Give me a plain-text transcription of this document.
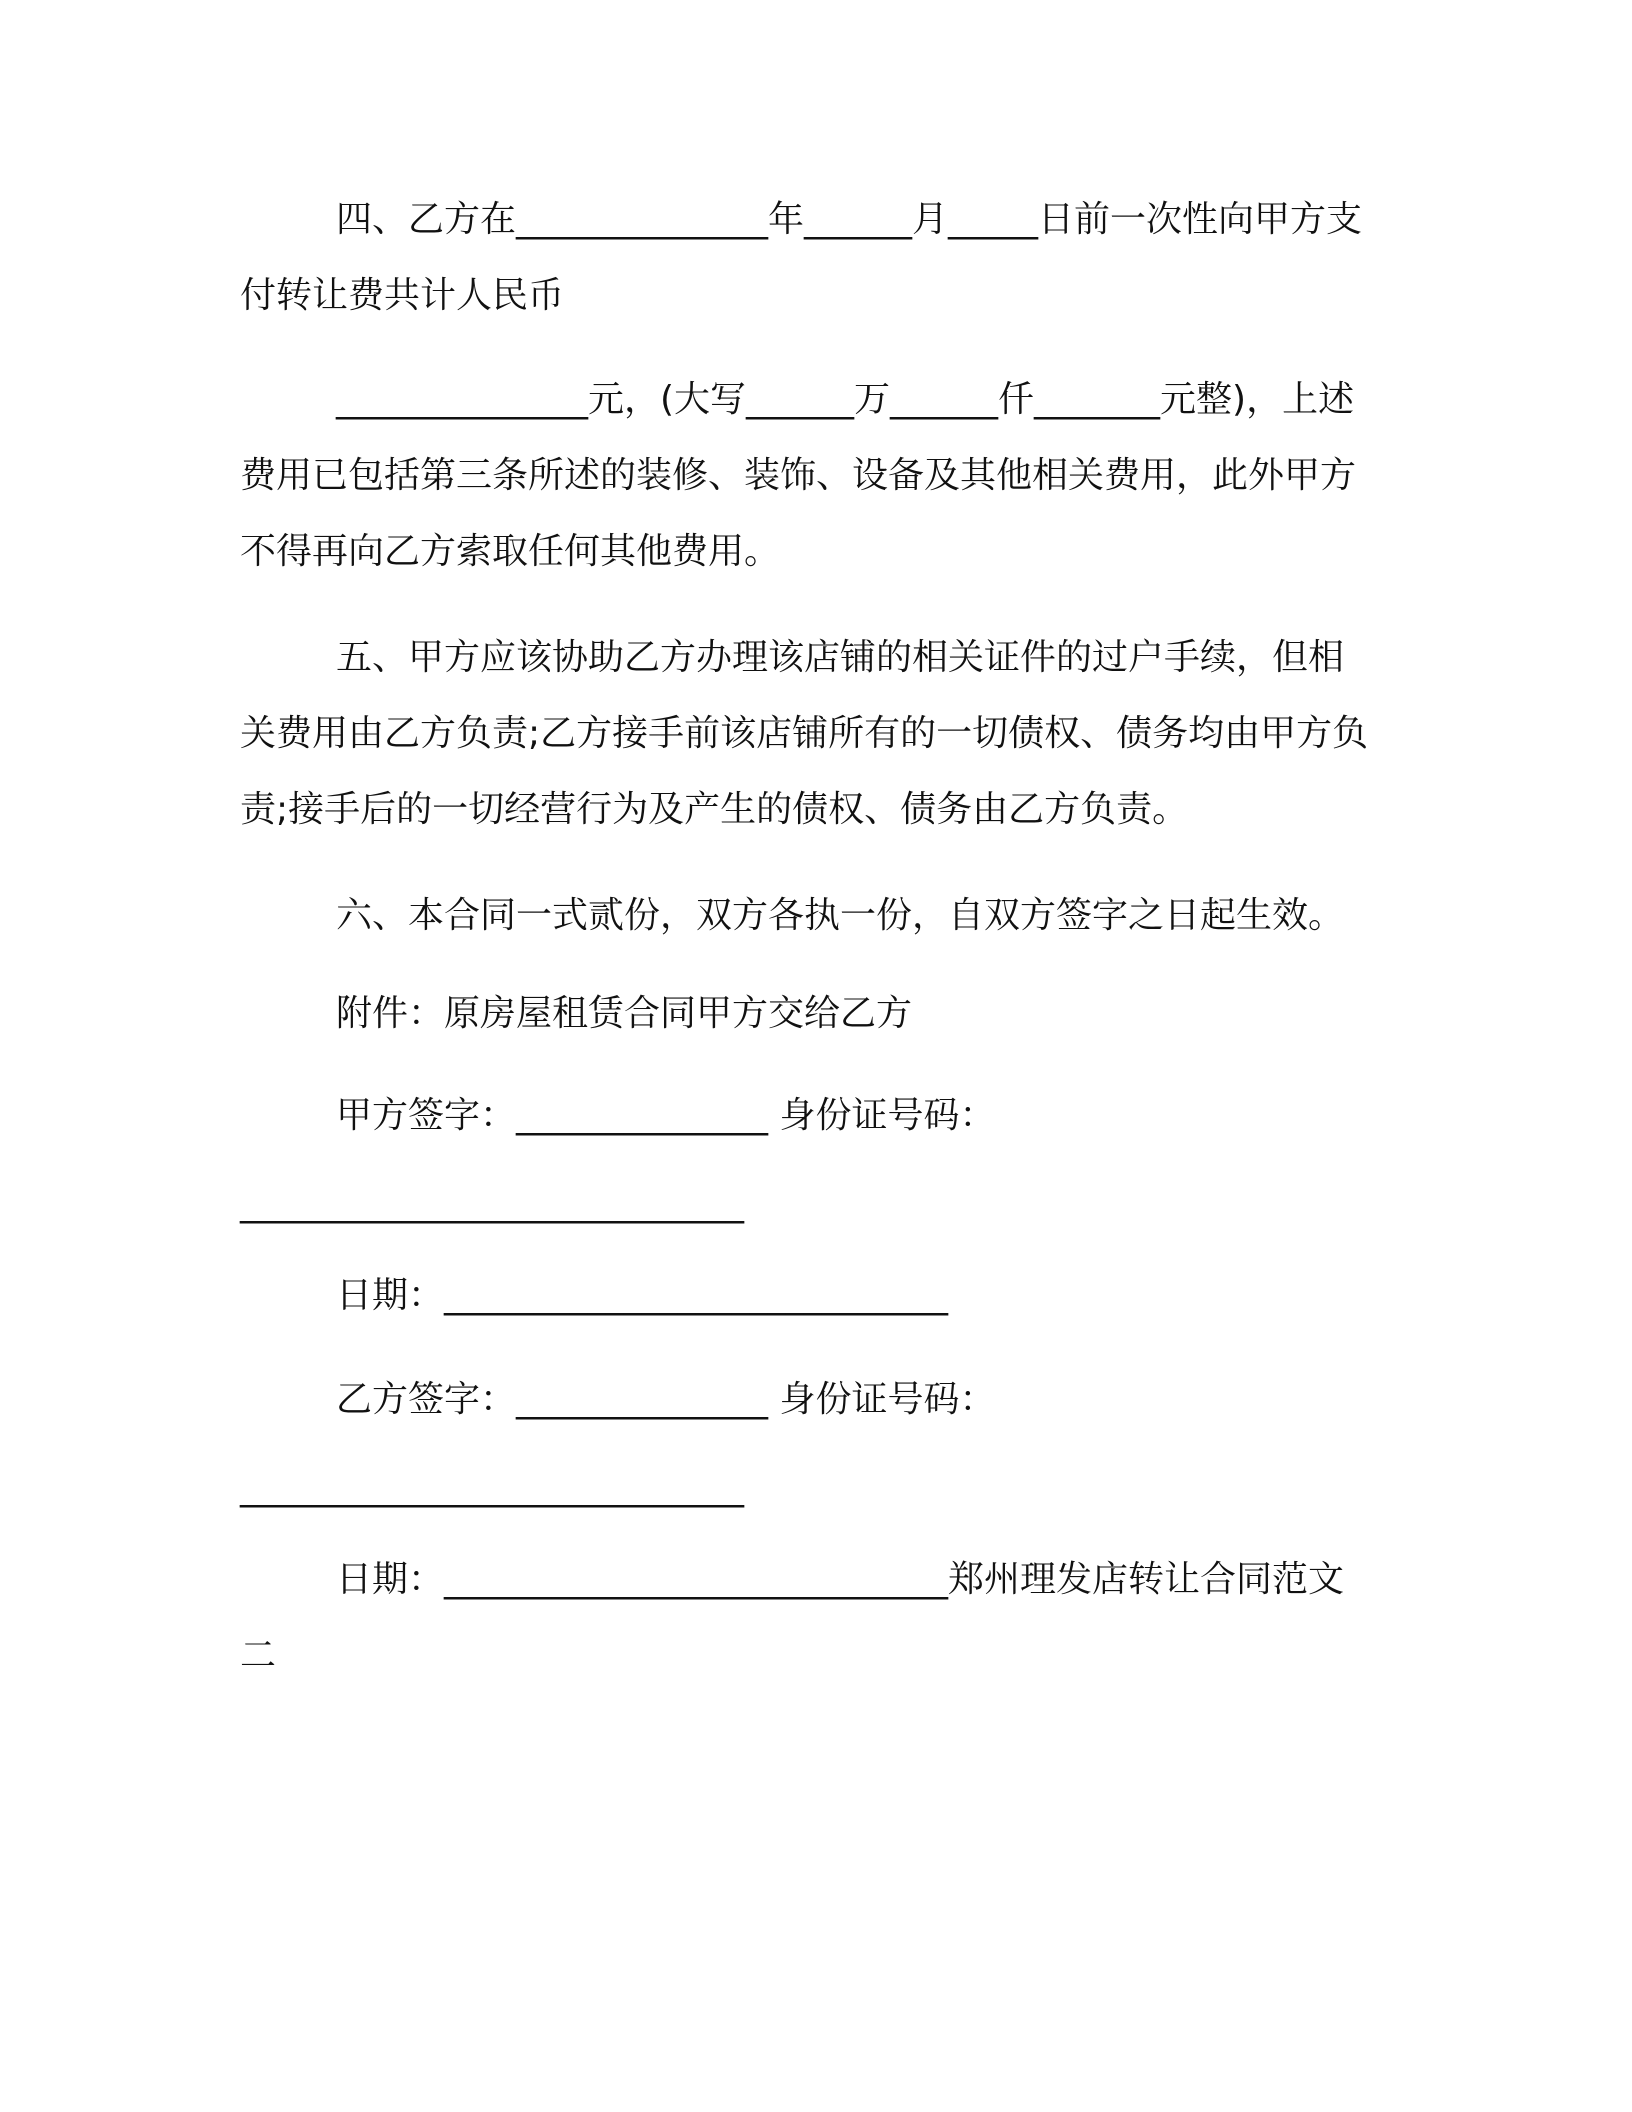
四、乙方在______________年______月_____日前一次性向甲方支付转让费共计人民币

______________元，(大写______万______仟_______元整)，上述费用已包括第三条所述的装修、装饰、设备及其他相关费用，此外甲方不得再向乙方索取任何其他费用。

五、甲方应该协助乙方办理该店铺的相关证件的过户手续，但相关费用由乙方负责;乙方接手前该店铺所有的一切债权、债务均由甲方负责;接手后的一切经营行为及产生的债权、债务由乙方负责。

六、本合同一式贰份，双方各执一份，自双方签字之日起生效。

附件：原房屋租赁合同甲方交给乙方

甲方签字：______________ 身份证号码：

____________________________

日期：____________________________

乙方签字：______________ 身份证号码：

____________________________

日期：____________________________郑州理发店转让合同范文二
